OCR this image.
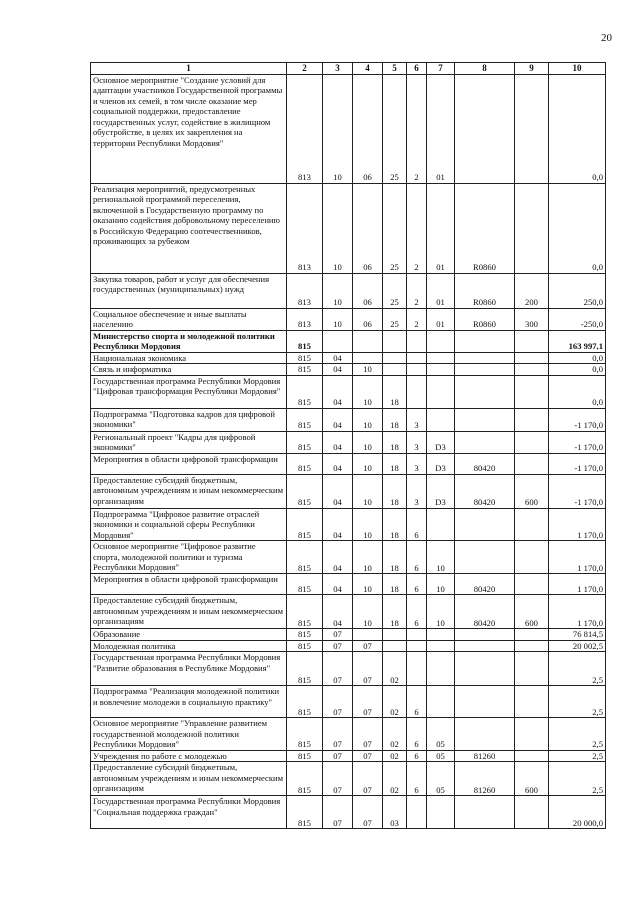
20
1	2	3	4	5	6	7	8	9	10
Основное мероприятие "Создание условий для адаптации участников Государственной программы и членов их семей, в том числе оказание мер социальной поддержки, предоставление государственных услуг, содействие в жилищном обустройстве, в целях их закрепления на территории Республики Мордовия"	813	10	06	25	2	01			0,0
Реализация мероприятий, предусмотренных региональной программой переселения, включенной в Государственную программу по оказанию содействия добровольному переселению в Российскую Федерацию соотечественников, проживающих за рубежом	813	10	06	25	2	01	R0860		0,0
Закупка товаров, работ и услуг для обеспечения государственных (муниципальных) нужд	813	10	06	25	2	01	R0860	200	250,0
Социальное обеспечение и иные выплаты населению	813	10	06	25	2	01	R0860	300	-250,0
Министерство спорта и молодежной политики Республики Мордовия	815								163 997,1
Национальная экономика	815	04							0,0
Связь и информатика	815	04	10						0,0
Государственная программа Республики Мордовия "Цифровая трансформация Республики Мордовия"	815	04	10	18					0,0
Подпрограмма "Подготовка кадров для цифровой экономики"	815	04	10	18	3				-1 170,0
Региональный проект "Кадры для цифровой экономики"	815	04	10	18	3	D3			-1 170,0
Мероприятия в области цифровой трансформации	815	04	10	18	3	D3	80420		-1 170,0
Предоставление субсидий бюджетным, автономным учреждениям и иным некоммерческим организациям	815	04	10	18	3	D3	80420	600	-1 170,0
Подпрограмма "Цифровое развитие отраслей экономики и социальной сферы Республики Мордовия"	815	04	10	18	6				1 170,0
Основное мероприятие "Цифровое развитие спорта, молодежной политики и туризма Республики Мордовия"	815	04	10	18	6	10			1 170,0
Мероприятия в области цифровой трансформации	815	04	10	18	6	10	80420		1 170,0
Предоставление субсидий бюджетным, автономным учреждениям и иным некоммерческим организациям	815	04	10	18	6	10	80420	600	1 170,0
Образование	815	07							76 814,5
Молодежная политика	815	07	07						20 002,5
Государственная программа Республики Мордовия "Развитие образования в Республике Мордовия"	815	07	07	02					2,5
Подпрограмма "Реализация молодежной политики и вовлечение молодежи в социальную практику"	815	07	07	02	6				2,5
Основное мероприятие "Управление развитием государственной молодежной политики Республики Мордовия"	815	07	07	02	6	05			2,5
Учреждения по работе с молодежью	815	07	07	02	6	05	81260		2,5
Предоставление субсидий бюджетным, автономным учреждениям и иным некоммерческим организациям	815	07	07	02	6	05	81260	600	2,5
Государственная программа Республики Мордовия "Социальная поддержка граждан"	815	07	07	03					20 000,0
